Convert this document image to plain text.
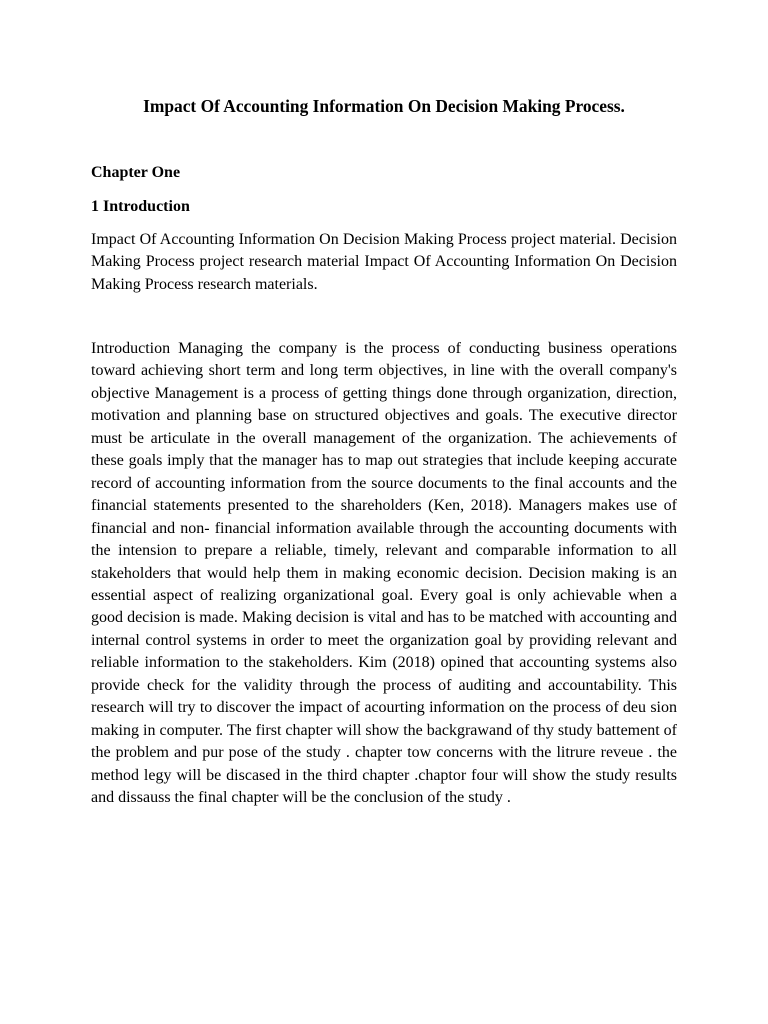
Impact Of Accounting Information On Decision Making Process.
Chapter One
1 Introduction

Impact Of Accounting Information On Decision Making Process project material. Decision Making Process project research material Impact Of Accounting Information On Decision Making Process research materials.

Introduction Managing the company is the process of conducting business operations toward achieving short term and long term objectives, in line with the overall company's objective Management is a process of getting things done through organization, direction, motivation and planning base on structured objectives and goals. The executive director must be articulate in the overall management of the organization. The achievements of these goals imply that the manager has to map out strategies that include keeping accurate record of accounting information from the source documents to the final accounts and the financial statements presented to the shareholders (Ken, 2018). Managers makes use of financial and non- financial information available through the accounting documents with the intension to prepare a reliable, timely, relevant and comparable information to all stakeholders that would help them in making economic decision. Decision making is an essential aspect of realizing organizational goal. Every goal is only achievable when a good decision is made. Making decision is vital and has to be matched with accounting and internal control systems in order to meet the organization goal by providing relevant and reliable information to the stakeholders. Kim (2018) opined that accounting systems also provide check for the validity through the process of auditing and accountability. This research will try to discover the impact of acourting information on the process of deu sion making in computer. The first chapter will show the backgrawand of thy study battement of the problem and pur pose of the study . chapter tow concerns with the litrure reveue . the method legy will be discased in the third chapter .chaptor four will show the study results and dissauss the final chapter will be the conclusion of the study .
